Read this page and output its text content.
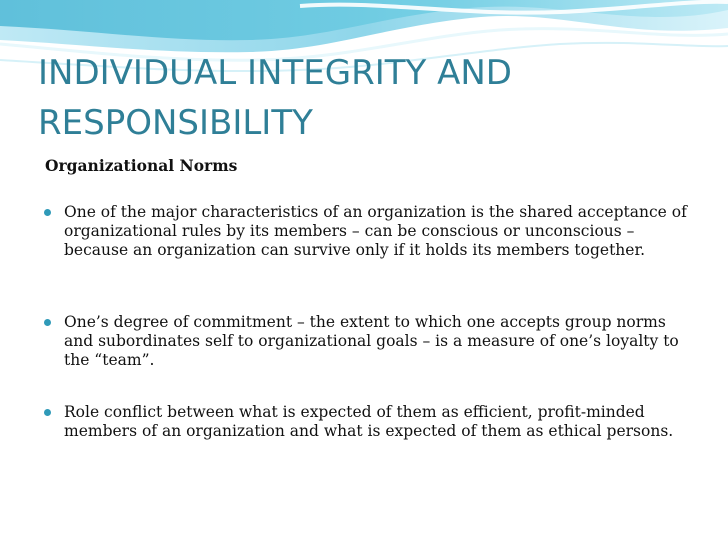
INDIVIDUAL INTEGRITY AND RESPONSIBILITY

Organizational Norms

One of the major characteristics of an organization is the shared acceptance of organizational rules by its members – can be conscious or unconscious – because an organization can survive only if it holds its members together.
One’s degree of commitment – the extent to which one accepts group norms and subordinates self to organizational goals – is a measure of one’s loyalty to the “team”.
Role conflict between what is expected of them as efficient, profit-minded members of an organization and what is expected of them as ethical persons.
